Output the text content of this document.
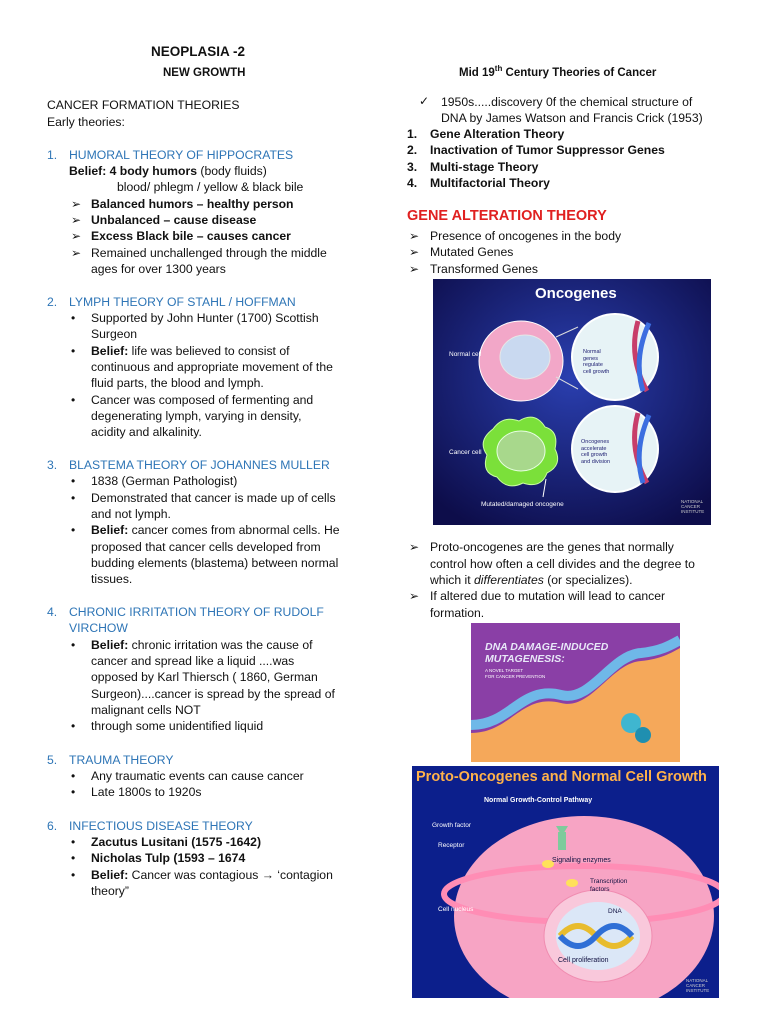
NEOPLASIA -2
NEW GROWTH
CANCER FORMATION THEORIES
Early theories:
1. HUMORAL THEORY OF HIPPOCRATES
Belief: 4 body humors (body fluids)
blood/ phlegm / yellow & black bile
➢ Balanced humors – healthy person
➢ Unbalanced – cause disease
➢ Excess Black bile – causes cancer
➢ Remained unchallenged through the middle
ages for over 1300 years
2. LYMPH THEORY OF STAHL / HOFFMAN
• Supported by John Hunter (1700) Scottish
Surgeon
• Belief: life was believed to consist of
continuous and appropriate movement of the
fluid parts, the blood and lymph.
• Cancer was composed of fermenting and
degenerating lymph, varying in density,
acidity and alkalinity.
3. BLASTEMA THEORY OF JOHANNES MULLER
• 1838 (German Pathologist)
• Demonstrated that cancer is made up of cells
and not lymph.
• Belief: cancer comes from abnormal cells. He
proposed that cancer cells developed from
budding elements (blastema) between normal
tissues.
4. CHRONIC IRRITATION THEORY OF RUDOLF
VIRCHOW
• Belief: chronic irritation was the cause of
cancer and spread like a liquid ....was
opposed by Karl Thiersch ( 1860, German
Surgeon)....cancer is spread by the spread of
malignant cells NOT
• through some unidentified liquid
5. TRAUMA THEORY
• Any traumatic events can cause cancer
• Late 1800s to 1920s
6. INFECTIOUS DISEASE THEORY
• Zacutus Lusitani (1575 -1642)
• Nicholas Tulp (1593 – 1674
• Belief: Cancer was contagious → ‘contagion
theory”
Mid 19th Century Theories of Cancer
✓ 1950s.....discovery 0f the chemical structure of
DNA by James Watson and Francis Crick (1953)
1. Gene Alteration Theory
2. Inactivation of Tumor Suppressor Genes
3. Multi-stage Theory
4. Multifactorial Theory
GENE ALTERATION THEORY
➢ Presence of oncogenes in the body
➢ Mutated Genes
➢ Transformed Genes
➢ Proto-oncogenes are the genes that normally
control how often a cell divides and the degree to
which it differentiates (or specializes).
➢ If altered due to mutation will lead to cancer
formation.
Oncogenes
Normal cell
Cancer cell
Normal
genes
regulate
cell growth
Oncogenes
accelerate
cell growth
and division
Mutated/damaged oncogene	NATIONAL
CANCER
INSTITUTE
DNA DAMAGE-INDUCED
MUTAGENESIS:
A NOVEL TARGET
FOR CANCER PREVENTION
Proto-Oncogenes and Normal Cell Growth
Normal Growth-Control Pathway
Growth factor
Receptor
Signaling enzymes
Transcription
factors
DNA
Cell nucleus
Cell proliferation
NATIONAL
CANCER
INSTITUTE
